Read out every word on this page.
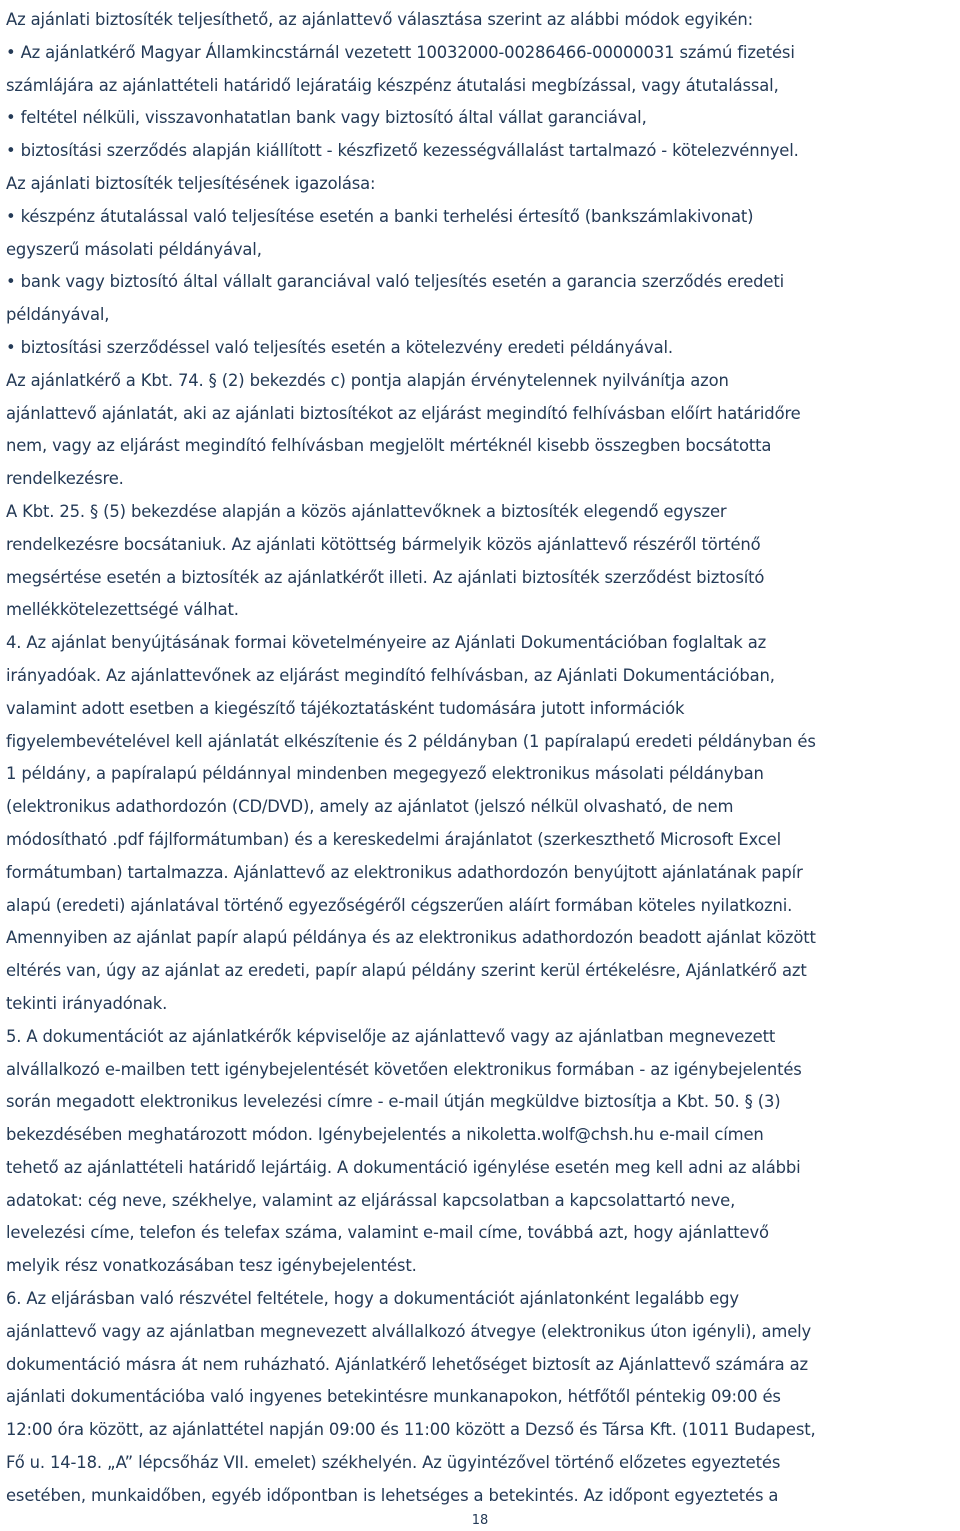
Az ajánlati biztosíték teljesíthető, az ajánlattevő választása szerint az alábbi módok egyikén:
• Az ajánlatkérő Magyar Államkincstárnál vezetett 10032000-00286466-00000031 számú fizetési
számlájára az ajánlattételi határidő lejáratáig készpénz átutalási megbízással, vagy átutalással,
• feltétel nélküli, visszavonhatatlan bank vagy biztosító által vállat garanciával,
• biztosítási szerződés alapján kiállított - készfizető kezességvállalást tartalmazó - kötelezvénnyel.
Az ajánlati biztosíték teljesítésének igazolása:
• készpénz átutalással való teljesítése esetén a banki terhelési értesítő (bankszámlakivonat)
egyszerű másolati példányával,
• bank vagy biztosító által vállalt garanciával való teljesítés esetén a garancia szerződés eredeti
példányával,
• biztosítási szerződéssel való teljesítés esetén a kötelezvény eredeti példányával.
Az ajánlatkérő a Kbt. 74. § (2) bekezdés c) pontja alapján érvénytelennek nyilvánítja azon
ajánlattevő ajánlatát, aki az ajánlati biztosítékot az eljárást megindító felhívásban előírt határidőre
nem, vagy az eljárást megindító felhívásban megjelölt mértéknél kisebb összegben bocsátotta
rendelkezésre.
A Kbt. 25. § (5) bekezdése alapján a közös ajánlattevőknek a biztosíték elegendő egyszer
rendelkezésre bocsátaniuk. Az ajánlati kötöttség bármelyik közös ajánlattevő részéről történő
megsértése esetén a biztosíték az ajánlatkérőt illeti. Az ajánlati biztosíték szerződést biztosító
mellékkötelezettségé válhat.
4. Az ajánlat benyújtásának formai követelményeire az Ajánlati Dokumentációban foglaltak az
irányadóak. Az ajánlattevőnek az eljárást megindító felhívásban, az Ajánlati Dokumentációban,
valamint adott esetben a kiegészítő tájékoztatásként tudomására jutott információk
figyelembevételével kell ajánlatát elkészítenie és 2 példányban (1 papíralapú eredeti példányban és
1 példány, a papíralapú példánnyal mindenben megegyező elektronikus másolati példányban
(elektronikus adathordozón (CD/DVD), amely az ajánlatot (jelszó nélkül olvasható, de nem
módosítható .pdf fájlformátumban) és a kereskedelmi árajánlatot (szerkeszthető Microsoft Excel
formátumban) tartalmazza. Ajánlattevő az elektronikus adathordozón benyújtott ajánlatának papír
alapú (eredeti) ajánlatával történő egyezőségéről cégszerűen aláírt formában köteles nyilatkozni.
Amennyiben az ajánlat papír alapú példánya és az elektronikus adathordozón beadott ajánlat között
eltérés van, úgy az ajánlat az eredeti, papír alapú példány szerint kerül értékelésre, Ajánlatkérő azt
tekinti irányadónak.
5. A dokumentációt az ajánlatkérők képviselője az ajánlattevő vagy az ajánlatban megnevezett
alvállalkozó e-mailben tett igénybejelentését követően elektronikus formában - az igénybejelentés
során megadott elektronikus levelezési címre - e-mail útján megküldve biztosítja a Kbt. 50. § (3)
bekezdésében meghatározott módon. Igénybejelentés a nikoletta.wolf@chsh.hu e-mail címen
tehető az ajánlattételi határidő lejártáig. A dokumentáció igénylése esetén meg kell adni az alábbi
adatokat: cég neve, székhelye, valamint az eljárással kapcsolatban a kapcsolattartó neve,
levelezési címe, telefon és telefax száma, valamint e-mail címe, továbbá azt, hogy ajánlattevő
melyik rész vonatkozásában tesz igénybejelentést.
6. Az eljárásban való részvétel feltétele, hogy a dokumentációt ajánlatonként legalább egy
ajánlattevő vagy az ajánlatban megnevezett alvállalkozó átvegye (elektronikus úton igényli), amely
dokumentáció másra át nem ruházható. Ajánlatkérő lehetőséget biztosít az Ajánlattevő számára az
ajánlati dokumentációba való ingyenes betekintésre munkanapokon, hétfőtől péntekig 09:00 és
12:00 óra között, az ajánlattétel napján 09:00 és 11:00 között a Dezső és Társa Kft. (1011 Budapest,
Fő u. 14-18. „A” lépcsőház VII. emelet) székhelyén. Az ügyintézővel történő előzetes egyeztetés
esetében, munkaidőben, egyéb időpontban is lehetséges a betekintés. Az időpont egyeztetés a
18
